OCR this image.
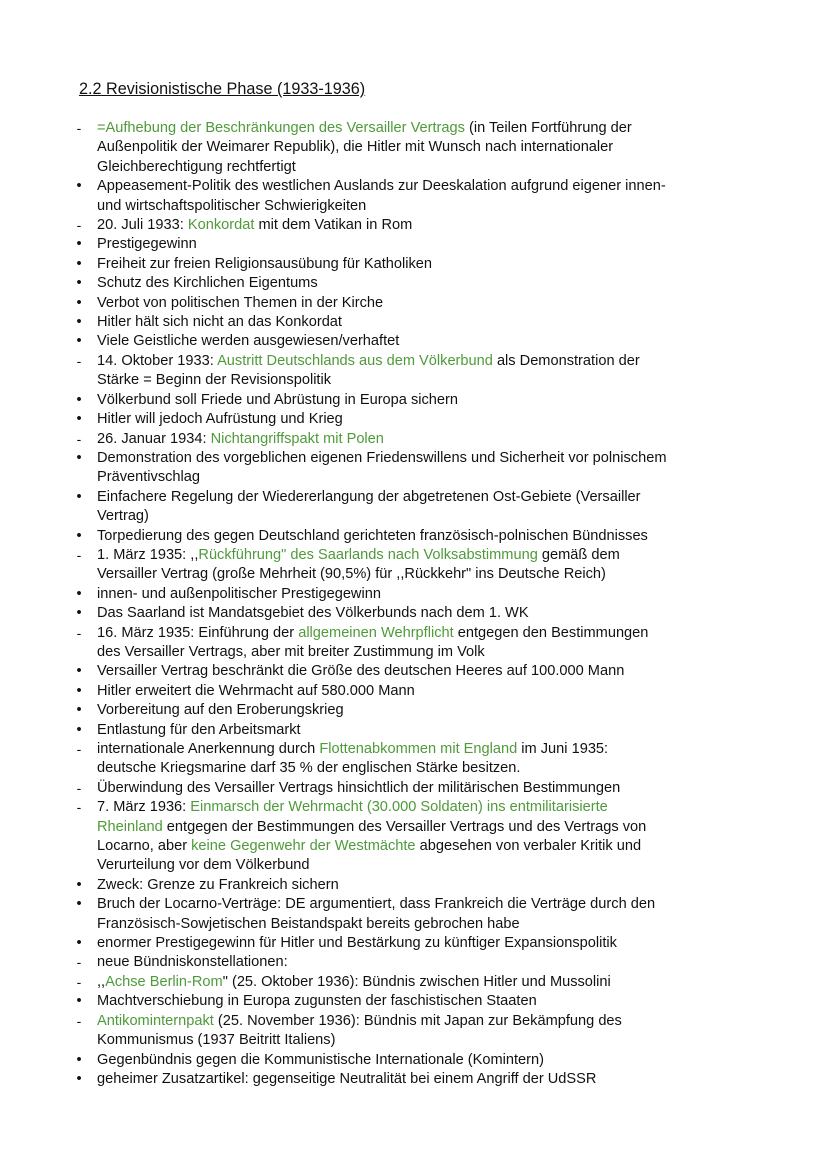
2.2 Revisionistische Phase (1933-1936)
- =Aufhebung der Beschränkungen des Versailler Vertrags (in Teilen Fortführung der
Außenpolitik der Weimarer Republik), die Hitler mit Wunsch nach internationaler
Gleichberechtigung rechtfertigt
• Appeasement-Politik des westlichen Auslands zur Deeskalation aufgrund eigener innen-
und wirtschaftspolitischer Schwierigkeiten
- 20. Juli 1933: Konkordat mit dem Vatikan in Rom
• Prestigegewinn
• Freiheit zur freien Religionsausübung für Katholiken
• Schutz des Kirchlichen Eigentums
• Verbot von politischen Themen in der Kirche
• Hitler hält sich nicht an das Konkordat
• Viele Geistliche werden ausgewiesen/verhaftet
- 14. Oktober 1933: Austritt Deutschlands aus dem Völkerbund als Demonstration der
Stärke = Beginn der Revisionspolitik
• Völkerbund soll Friede und Abrüstung in Europa sichern
• Hitler will jedoch Aufrüstung und Krieg
- 26. Januar 1934: Nichtangriffspakt mit Polen
• Demonstration des vorgeblichen eigenen Friedenswillens und Sicherheit vor polnischem
Präventivschlag
• Einfachere Regelung der Wiedererlangung der abgetretenen Ost-Gebiete (Versailler
Vertrag)
• Torpedierung des gegen Deutschland gerichteten französisch-polnischen Bündnisses
- 1. März 1935: ,,Rückführung" des Saarlands nach Volksabstimmung gemäß dem
Versailler Vertrag (große Mehrheit (90,5%) für ,,Rückkehr" ins Deutsche Reich)
• innen- und außenpolitischer Prestigegewinn
• Das Saarland ist Mandatsgebiet des Völkerbunds nach dem 1. WK
- 16. März 1935: Einführung der allgemeinen Wehrpflicht entgegen den Bestimmungen
des Versailler Vertrags, aber mit breiter Zustimmung im Volk
• Versailler Vertrag beschränkt die Größe des deutschen Heeres auf 100.000 Mann
• Hitler erweitert die Wehrmacht auf 580.000 Mann
• Vorbereitung auf den Eroberungskrieg
• Entlastung für den Arbeitsmarkt
- internationale Anerkennung durch Flottenabkommen mit England im Juni 1935:
deutsche Kriegsmarine darf 35 % der englischen Stärke besitzen.
- Überwindung des Versailler Vertrags hinsichtlich der militärischen Bestimmungen
- 7. März 1936: Einmarsch der Wehrmacht (30.000 Soldaten) ins entmilitarisierte
Rheinland entgegen der Bestimmungen des Versailler Vertrags und des Vertrags von
Locarno, aber keine Gegenwehr der Westmächte abgesehen von verbaler Kritik und
Verurteilung vor dem Völkerbund
• Zweck: Grenze zu Frankreich sichern
• Bruch der Locarno-Verträge: DE argumentiert, dass Frankreich die Verträge durch den
Französisch-Sowjetischen Beistandspakt bereits gebrochen habe
• enormer Prestigegewinn für Hitler und Bestärkung zu künftiger Expansionspolitik
- neue Bündniskonstellationen:
- ,,Achse Berlin-Rom" (25. Oktober 1936): Bündnis zwischen Hitler und Mussolini
• Machtverschiebung in Europa zugunsten der faschistischen Staaten
- Antikominternpakt (25. November 1936): Bündnis mit Japan zur Bekämpfung des
Kommunismus (1937 Beitritt Italiens)
• Gegenbündnis gegen die Kommunistische Internationale (Komintern)
• geheimer Zusatzartikel: gegenseitige Neutralität bei einem Angriff der UdSSR
